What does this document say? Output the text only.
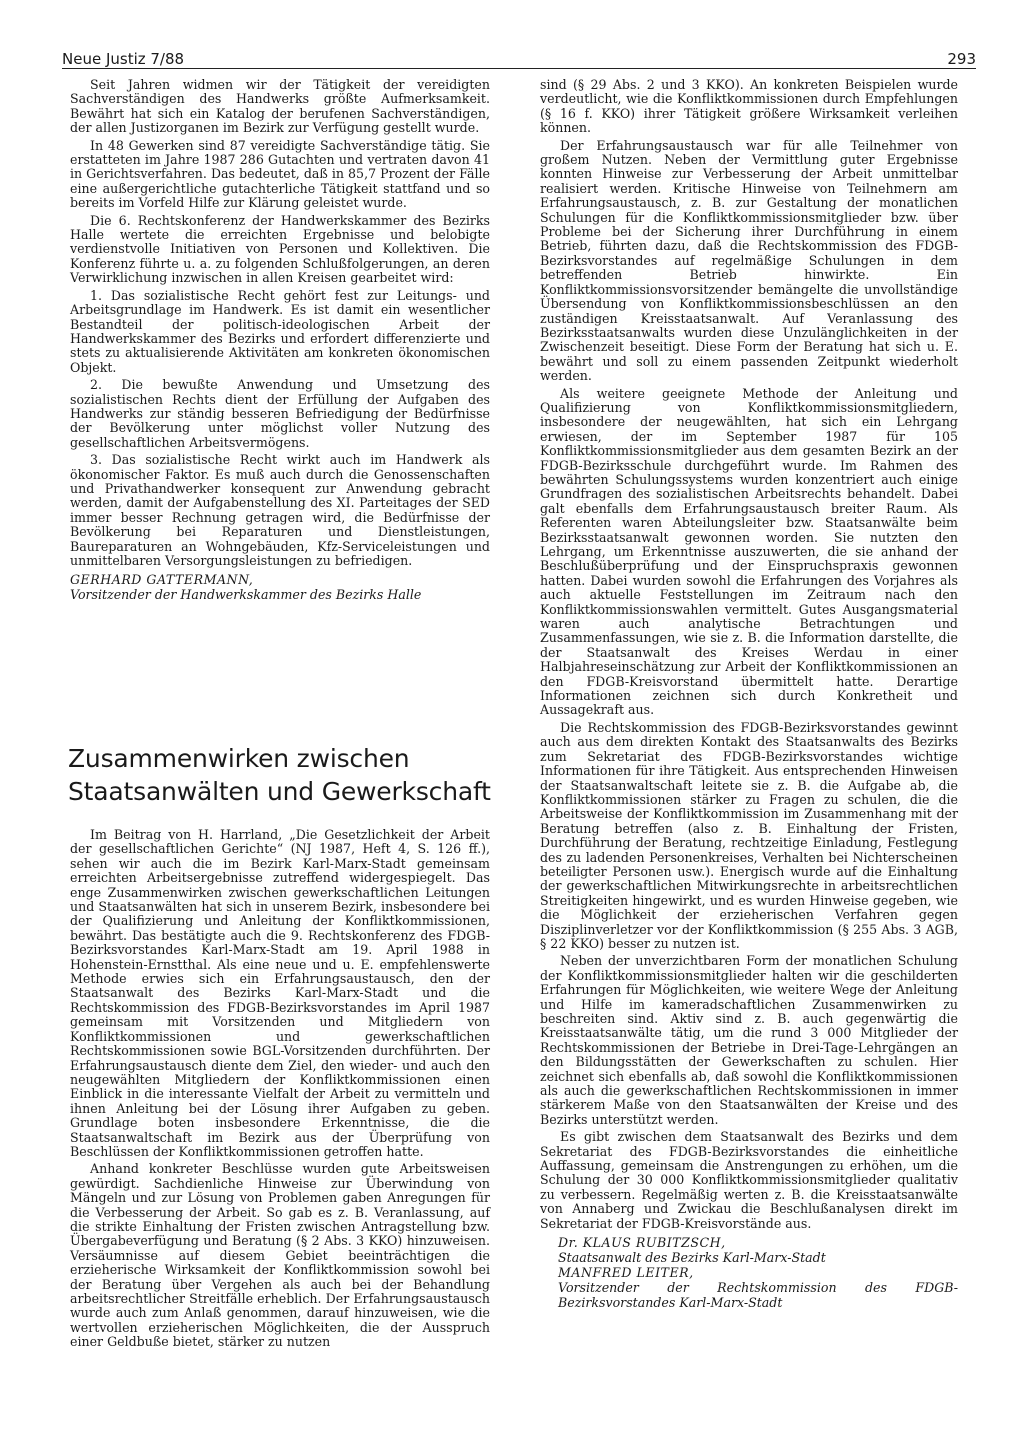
Neue Justiz 7/88	293

Seit Jahren widmen wir der Tätigkeit der vereidigten Sachverständigen des Handwerks größte Aufmerksamkeit. Bewährt hat sich ein Katalog der berufenen Sachverständigen, der allen Justizorganen im Bezirk zur Verfügung gestellt wurde.

In 48 Gewerken sind 87 vereidigte Sachverständige tätig. Sie erstatteten im Jahre 1987 286 Gutachten und vertraten davon 41 in Gerichtsverfahren. Das bedeutet, daß in 85,7 Prozent der Fälle eine außergerichtliche gutachterliche Tätigkeit stattfand und so bereits im Vorfeld Hilfe zur Klärung geleistet wurde.

Die 6. Rechtskonferenz der Handwerkskammer des Bezirks Halle wertete die erreichten Ergebnisse und belobigte verdienstvolle Initiativen von Personen und Kollektiven. Die Konferenz führte u. a. zu folgenden Schlußfolgerungen, an deren Verwirklichung inzwischen in allen Kreisen gearbeitet wird:

1. Das sozialistische Recht gehört fest zur Leitungs- und Arbeitsgrundlage im Handwerk. Es ist damit ein wesentlicher Bestandteil der politisch-ideologischen Arbeit der Handwerkskammer des Bezirks und erfordert differenzierte und stets zu aktualisierende Aktivitäten am konkreten ökonomischen Objekt.

2. Die bewußte Anwendung und Umsetzung des sozialistischen Rechts dient der Erfüllung der Aufgaben des Handwerks zur ständig besseren Befriedigung der Bedürfnisse der Bevölkerung unter möglichst voller Nutzung des gesellschaftlichen Arbeitsvermögens.

3. Das sozialistische Recht wirkt auch im Handwerk als ökonomischer Faktor. Es muß auch durch die Genossenschaften und Privathandwerker konsequent zur Anwendung gebracht werden, damit der Aufgabenstellung des XI. Parteitages der SED immer besser Rechnung getragen wird, die Bedürfnisse der Bevölkerung bei Reparaturen und Dienstleistungen, Baureparaturen an Wohngebäuden, Kfz-Serviceleistungen und unmittelbaren Versorgungsleistungen zu befriedigen.

GERHARD GATTERMANN,
Vorsitzender der Handwerkskammer des Bezirks Halle
Zusammenwirken zwischen Staatsanwälten und Gewerkschaft

Im Beitrag von H. Harrland, „Die Gesetzlichkeit der Arbeit der gesellschaftlichen Gerichte“ (NJ 1987, Heft 4, S. 126 ff.), sehen wir auch die im Bezirk Karl-Marx-Stadt gemeinsam erreichten Arbeitsergebnisse zutreffend widergespiegelt. Das enge Zusammenwirken zwischen gewerkschaftlichen Leitungen und Staatsanwälten hat sich in unserem Bezirk, insbesondere bei der Qualifizierung und Anleitung der Konfliktkommissionen, bewährt. Das bestätigte auch die 9. Rechtskonferenz des FDGB-Bezirksvorstandes Karl-Marx-Stadt am 19. April 1988 in Hohenstein-Ernstthal. Als eine neue und u. E. empfehlenswerte Methode erwies sich ein Erfahrungsaustausch, den der Staatsanwalt des Bezirks Karl-Marx-Stadt und die Rechtskommission des FDGB-Bezirksvorstandes im April 1987 gemeinsam mit Vorsitzenden und Mitgliedern von Konfliktkommissionen und gewerkschaftlichen Rechtskommissionen sowie BGL-Vorsitzenden durchführten. Der Erfahrungsaustausch diente dem Ziel, den wieder- und auch den neugewählten Mitgliedern der Konfliktkommissionen einen Einblick in die interessante Vielfalt der Arbeit zu vermitteln und ihnen Anleitung bei der Lösung ihrer Aufgaben zu geben. Grundlage boten insbesondere Erkenntnisse, die die Staatsanwaltschaft im Bezirk aus der Überprüfung von Beschlüssen der Konfliktkommissionen getroffen hatte.

Anhand konkreter Beschlüsse wurden gute Arbeitsweisen gewürdigt. Sachdienliche Hinweise zur Überwindung von Mängeln und zur Lösung von Problemen gaben Anregungen für die Verbesserung der Arbeit. So gab es z. B. Veranlassung, auf die strikte Einhaltung der Fristen zwischen Antragstellung bzw. Übergabeverfügung und Beratung (§ 2 Abs. 3 KKO) hinzuweisen. Versäumnisse auf diesem Gebiet beeinträchtigen die erzieherische Wirksamkeit der Konfliktkommission sowohl bei der Beratung über Vergehen als auch bei der Behandlung arbeitsrechtlicher Streitfälle erheblich. Der Erfahrungsaustausch wurde auch zum Anlaß genommen, darauf hinzuweisen, wie die wertvollen erzieherischen Möglichkeiten, die der Ausspruch einer Geldbuße bietet, stärker zu nutzen

sind (§ 29 Abs. 2 und 3 KKO). An konkreten Beispielen wurde verdeutlicht, wie die Konfliktkommissionen durch Empfehlungen (§ 16 f. KKO) ihrer Tätigkeit größere Wirksamkeit verleihen können.

Der Erfahrungsaustausch war für alle Teilnehmer von großem Nutzen. Neben der Vermittlung guter Ergebnisse konnten Hinweise zur Verbesserung der Arbeit unmittelbar realisiert werden. Kritische Hinweise von Teilnehmern am Erfahrungsaustausch, z. B. zur Gestaltung der monatlichen Schulungen für die Konfliktkommissionsmitglieder bzw. über Probleme bei der Sicherung ihrer Durchführung in einem Betrieb, führten dazu, daß die Rechtskommission des FDGB-Bezirksvorstandes auf regelmäßige Schulungen in dem betreffenden Betrieb hinwirkte. Ein Konfliktkommissionsvorsitzender bemängelte die unvollständige Übersendung von Konfliktkommissionsbeschlüssen an den zuständigen Kreisstaatsanwalt. Auf Veranlassung des Bezirksstaatsanwalts wurden diese Unzulänglichkeiten in der Zwischenzeit beseitigt. Diese Form der Beratung hat sich u. E. bewährt und soll zu einem passenden Zeitpunkt wiederholt werden.

Als weitere geeignete Methode der Anleitung und Qualifizierung von Konfliktkommissionsmitgliedern, insbesondere der neugewählten, hat sich ein Lehrgang erwiesen, der im September 1987 für 105 Konfliktkommissionsmitglieder aus dem gesamten Bezirk an der FDGB-Bezirksschule durchgeführt wurde. Im Rahmen des bewährten Schulungssystems wurden konzentriert auch einige Grundfragen des sozialistischen Arbeitsrechts behandelt. Dabei galt ebenfalls dem Erfahrungsaustausch breiter Raum. Als Referenten waren Abteilungsleiter bzw. Staatsanwälte beim Bezirksstaatsanwalt gewonnen worden. Sie nutzten den Lehrgang, um Erkenntnisse auszuwerten, die sie anhand der Beschlußüberprüfung und der Einspruchspraxis gewonnen hatten. Dabei wurden sowohl die Erfahrungen des Vorjahres als auch aktuelle Feststellungen im Zeitraum nach den Konfliktkommissionswahlen vermittelt. Gutes Ausgangsmaterial waren auch analytische Betrachtungen und Zusammenfassungen, wie sie z. B. die Information darstellte, die der Staatsanwalt des Kreises Werdau in einer Halbjahreseinschätzung zur Arbeit der Konfliktkommissionen an den FDGB-Kreisvorstand übermittelt hatte. Derartige Informationen zeichnen sich durch Konkretheit und Aussagekraft aus.

Die Rechtskommission des FDGB-Bezirksvorstandes gewinnt auch aus dem direkten Kontakt des Staatsanwalts des Bezirks zum Sekretariat des FDGB-Bezirksvorstandes wichtige Informationen für ihre Tätigkeit. Aus entsprechenden Hinweisen der Staatsanwaltschaft leitete sie z. B. die Aufgabe ab, die Konfliktkommissionen stärker zu Fragen zu schulen, die die Arbeitsweise der Konfliktkommission im Zusammenhang mit der Beratung betreffen (also z. B. Einhaltung der Fristen, Durchführung der Beratung, rechtzeitige Einladung, Festlegung des zu ladenden Personenkreises, Verhalten bei Nichterscheinen beteiligter Personen usw.). Energisch wurde auf die Einhaltung der gewerkschaftlichen Mitwirkungsrechte in arbeitsrechtlichen Streitigkeiten hingewirkt, und es wurden Hinweise gegeben, wie die Möglichkeit der erzieherischen Verfahren gegen Disziplinverletzer vor der Konfliktkommission (§ 255 Abs. 3 AGB, § 22 KKO) besser zu nutzen ist.

Neben der unverzichtbaren Form der monatlichen Schulung der Konfliktkommissionsmitglieder halten wir die geschilderten Erfahrungen für Möglichkeiten, wie weitere Wege der Anleitung und Hilfe im kameradschaftlichen Zusammenwirken zu beschreiten sind. Aktiv sind z. B. auch gegenwärtig die Kreisstaatsanwälte tätig, um die rund 3 000 Mitglieder der Rechtskommissionen der Betriebe in Drei-Tage-Lehrgängen an den Bildungsstätten der Gewerkschaften zu schulen. Hier zeichnet sich ebenfalls ab, daß sowohl die Konfliktkommissionen als auch die gewerkschaftlichen Rechtskommissionen in immer stärkerem Maße von den Staatsanwälten der Kreise und des Bezirks unterstützt werden.

Es gibt zwischen dem Staatsanwalt des Bezirks und dem Sekretariat des FDGB-Bezirksvorstandes die einheitliche Auffassung, gemeinsam die Anstrengungen zu erhöhen, um die Schulung der 30 000 Konfliktkommissionsmitglieder qualitativ zu verbessern. Regelmäßig werten z. B. die Kreisstaatsanwälte von Annaberg und Zwickau die Beschlußanalysen direkt im Sekretariat der FDGB-Kreisvorstände aus.

Dr. KLAUS RUBITZSCH,
Staatsanwalt des Bezirks Karl-Marx-Stadt
MANFRED LEITER,
Vorsitzender der Rechtskommission des FDGB-Bezirksvorstandes Karl-Marx-Stadt
